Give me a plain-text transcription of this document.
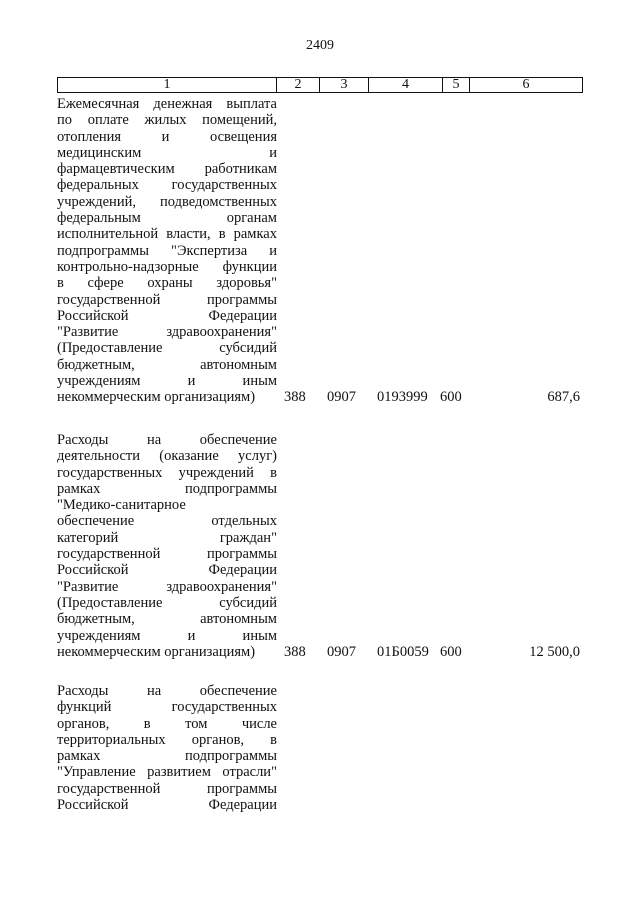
2409
1	2	3	4	5	6
Ежемесячная денежная выплата
по оплате жилых помещений,
отопления и освещения
медицинским и
фармацевтическим работникам
федеральных государственных
учреждений, подведомственных
федеральным органам
исполнительной власти, в рамках
подпрограммы "Экспертиза и
контрольно-надзорные функции
в сфере охраны здоровья"
государственной программы
Российской Федерации
"Развитие здравоохранения"
(Предоставление субсидий
бюджетным, автономным
учреждениям и иным
некоммерческим организациям)	388 0907 0193999 600	687,6
Расходы на обеспечение
деятельности (оказание услуг)
государственных учреждений в
рамках подпрограммы
"Медико-санитарное
обеспечение отдельных
категорий граждан"
государственной программы
Российской Федерации
"Развитие здравоохранения"
(Предоставление субсидий
бюджетным, автономным
учреждениям и иным
некоммерческим организациям)	388 0907 01Б0059 600	12 500,0
Расходы на обеспечение
функций государственных
органов, в том числе
территориальных органов, в
рамках подпрограммы
"Управление развитием отрасли"
государственной программы
Российской Федерации
